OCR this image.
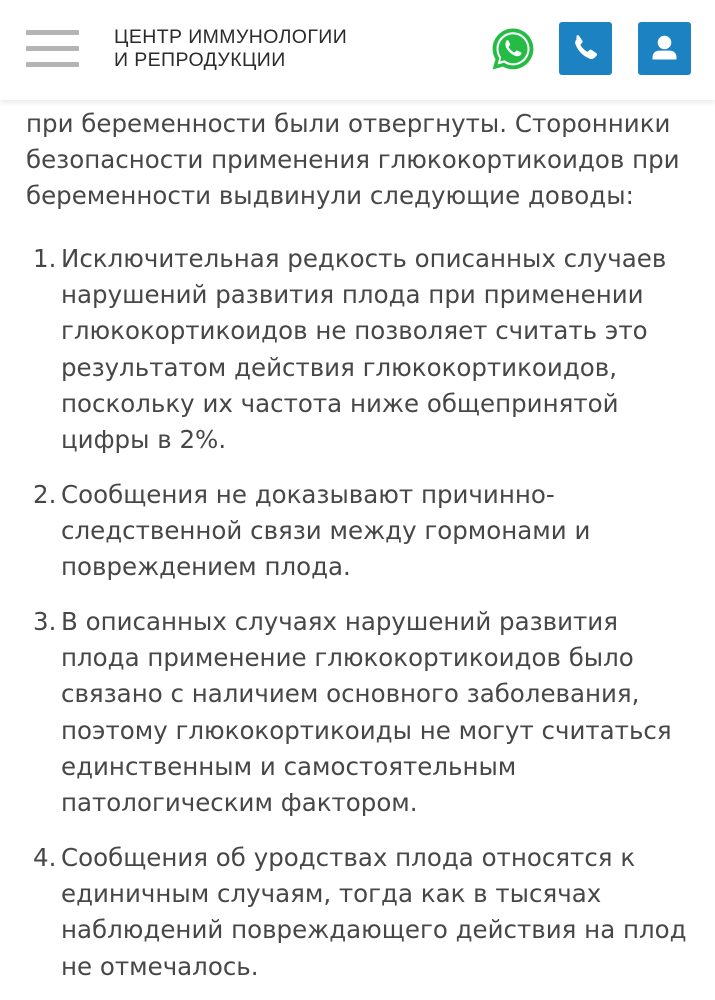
при беременности были отвергнуты. Сторонники
безопасности применения глюкокортикоидов при
беременности выдвинули следующие доводы:
1. Исключительная редкость описанных случаев
нарушений развития плода при применении
глюкокортикоидов не позволяет считать это
результатом действия глюкокортикоидов,
поскольку их частота ниже общепринятой
цифры в 2%.
2. Сообщения не доказывают причинно-
следственной связи между гормонами и
повреждением плода.
3. В описанных случаях нарушений развития
плода применение глюкокортикоидов было
связано с наличием основного заболевания,
поэтому глюкокортикоиды не могут считаться
единственным и самостоятельным
патологическим фактором.
4. Сообщения об уродствах плода относятся к
единичным случаям, тогда как в тысячах
наблюдений повреждающего действия на плод
не отмечалось.
ЦЕНТР ИММУНОЛОГИИ
И РЕПРОДУКЦИИ
